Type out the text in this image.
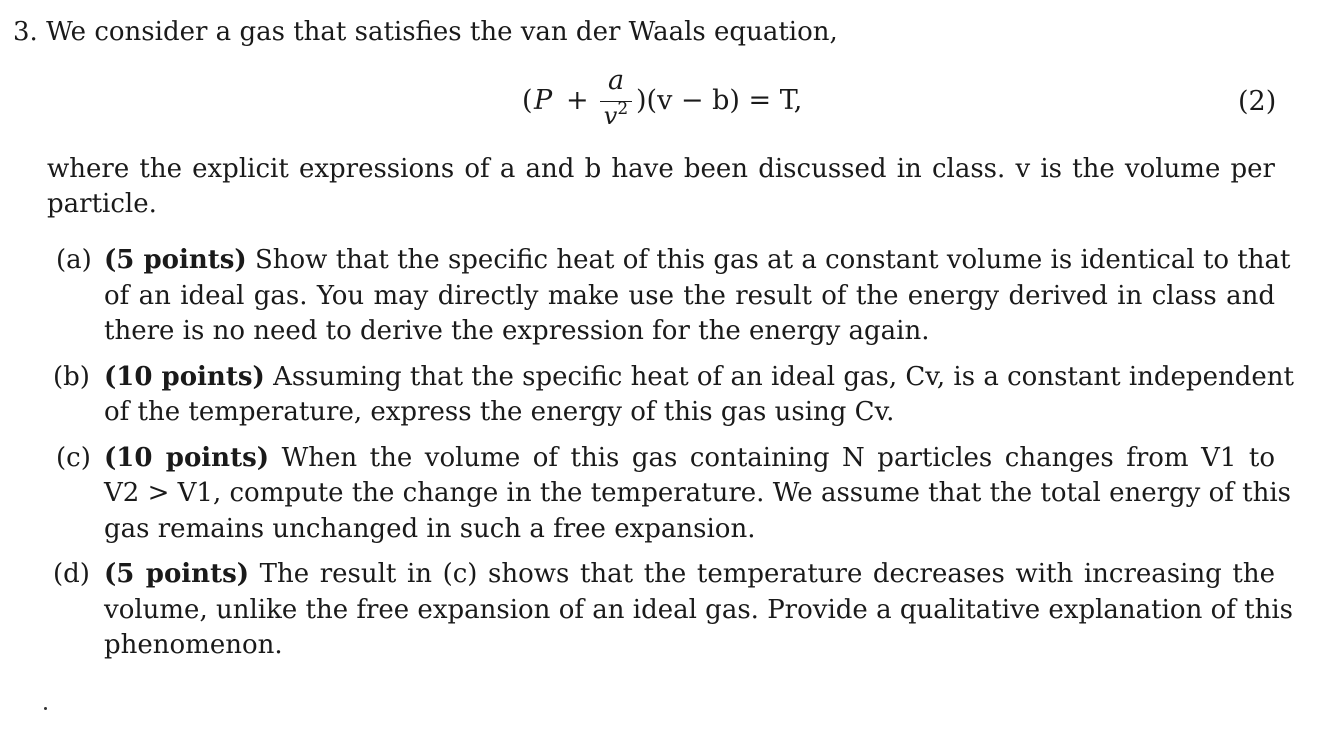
3. We consider a gas that satisfies the van der Waals equation,
( P +
a
$v^2$ )(v − b) = T,	(2)
where the explicit expressions of a and b have been discussed in class. v is the volume per
particle.
(a) (5 points) Show that the specific heat of this gas at a constant volume is identical to that
of an ideal gas. You may directly make use the result of the energy derived in class and
there is no need to derive the expression for the energy again.
(b) (10 points) Assuming that the specific heat of an ideal gas, Cv, is a constant independent
of the temperature, express the energy of this gas using Cv.
(c) (10 points) When the volume of this gas containing N particles changes from V1 to
V2 > V1, compute the change in the temperature. We assume that the total energy of this
gas remains unchanged in such a free expansion.
(d) (5 points) The result in (c) shows that the temperature decreases with increasing the
volume, unlike the free expansion of an ideal gas. Provide a qualitative explanation of this
phenomenon.
